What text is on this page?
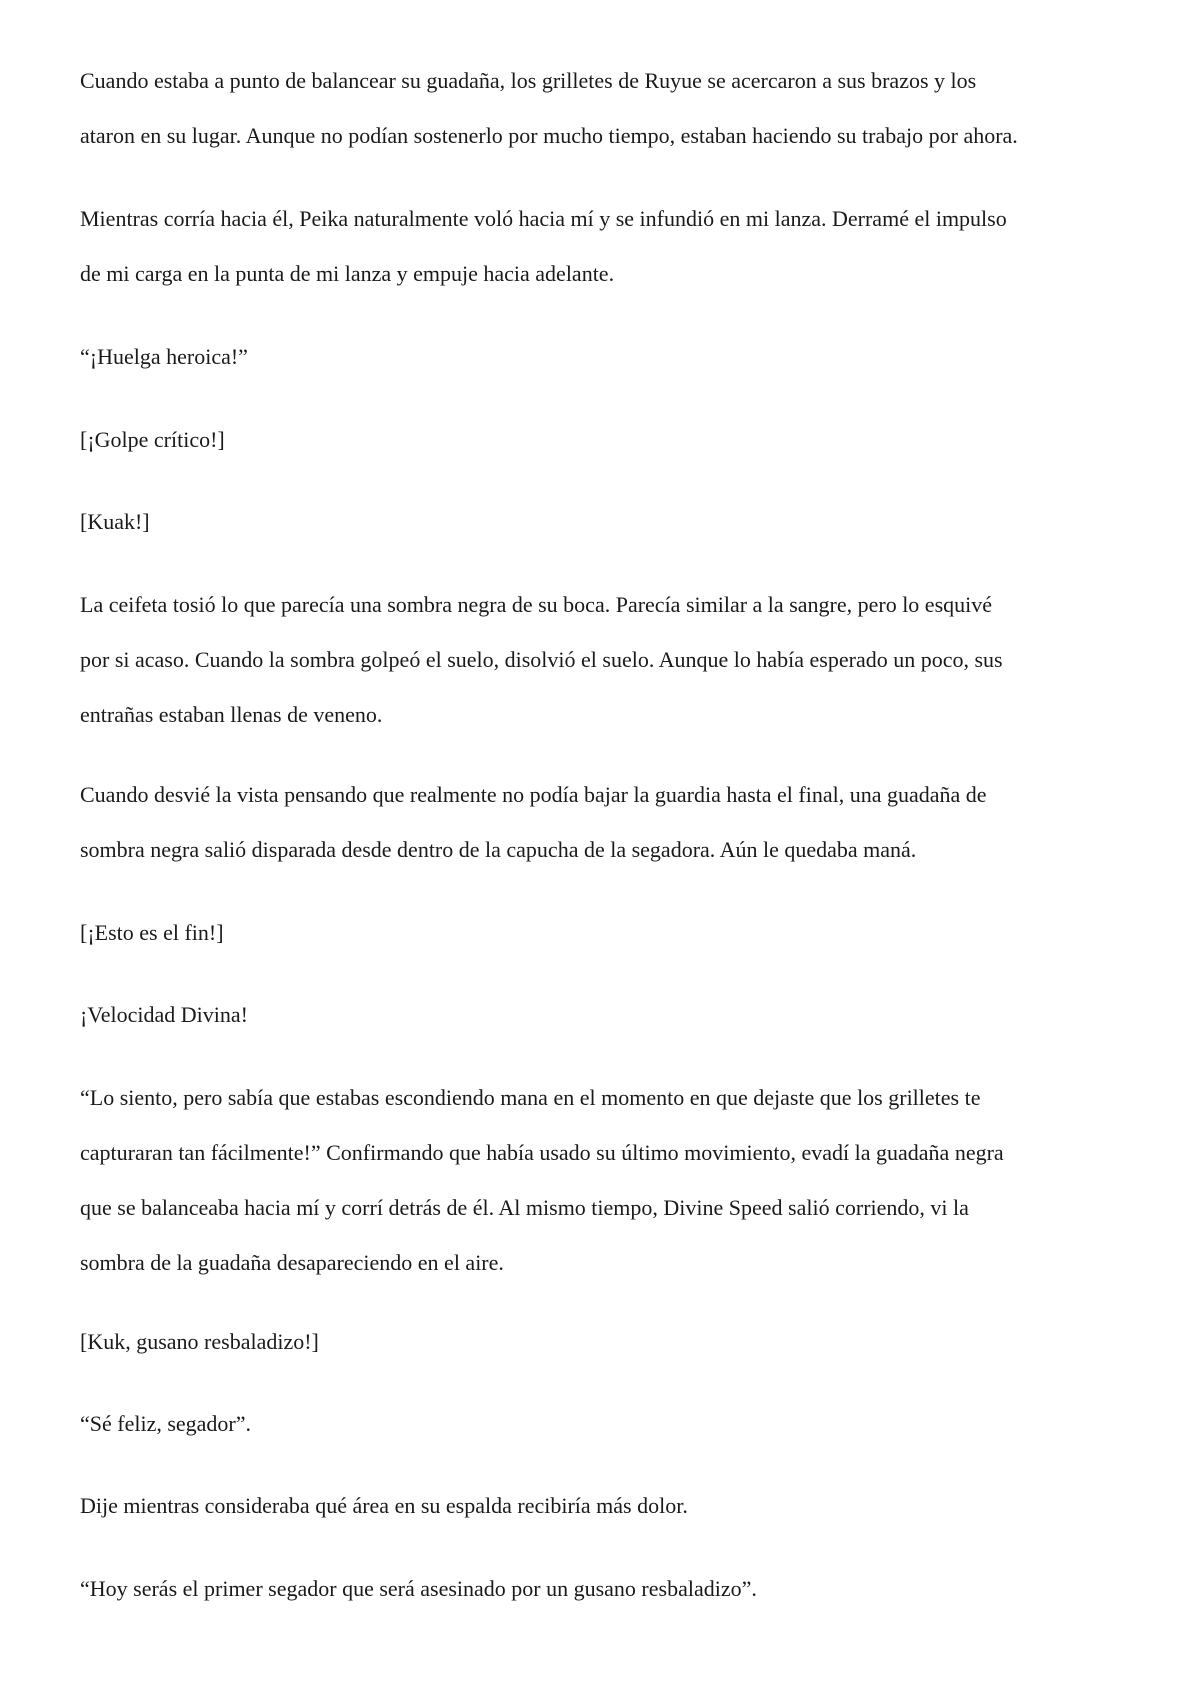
Cuando estaba a punto de balancear su guadaña, los grilletes de Ruyue se acercaron a sus brazos y los
ataron en su lugar. Aunque no podían sostenerlo por mucho tiempo, estaban haciendo su trabajo por ahora.

Mientras corría hacia él, Peika naturalmente voló hacia mí y se infundió en mi lanza. Derramé el impulso
de mi carga en la punta de mi lanza y empuje hacia adelante.

“¡Huelga heroica!”

[¡Golpe crítico!]

[Kuak!]

La ceifeta tosió lo que parecía una sombra negra de su boca. Parecía similar a la sangre, pero lo esquivé
por si acaso. Cuando la sombra golpeó el suelo, disolvió el suelo. Aunque lo había esperado un poco, sus
entrañas estaban llenas de veneno.

Cuando desvié la vista pensando que realmente no podía bajar la guardia hasta el final, una guadaña de
sombra negra salió disparada desde dentro de la capucha de la segadora. Aún le quedaba maná.

[¡Esto es el fin!]

¡Velocidad Divina!

“Lo siento, pero sabía que estabas escondiendo mana en el momento en que dejaste que los grilletes te
capturaran tan fácilmente!” Confirmando que había usado su último movimiento, evadí la guadaña negra
que se balanceaba hacia mí y corrí detrás de él. Al mismo tiempo, Divine Speed salió corriendo, vi la
sombra de la guadaña desapareciendo en el aire.

[Kuk, gusano resbaladizo!]

“Sé feliz, segador”.

Dije mientras consideraba qué área en su espalda recibiría más dolor.

“Hoy serás el primer segador que será asesinado por un gusano resbaladizo”.
